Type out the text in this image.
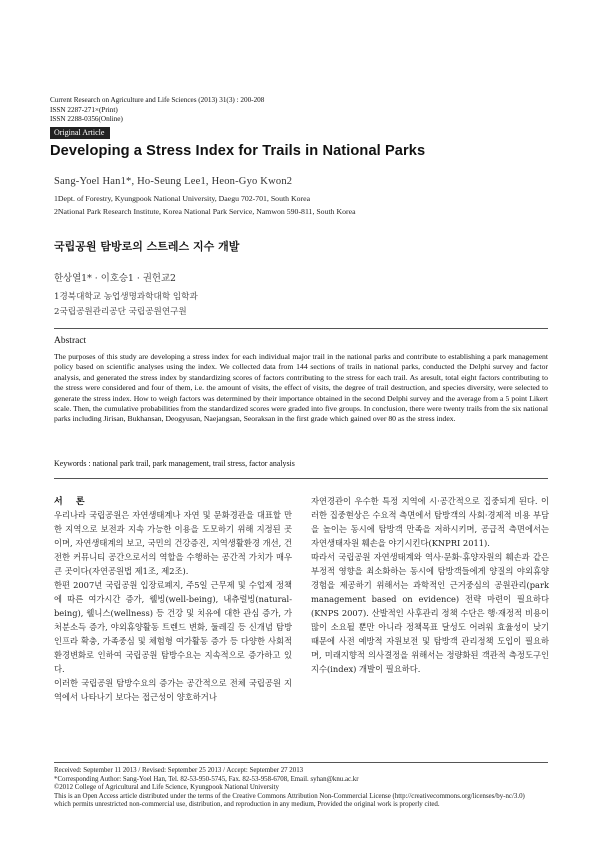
Current Research on Agriculture and Life Sciences (2013) 31(3) : 200-208
ISSN 2287-271×(Print)
ISSN 2288-0356(Online)
Original Article
Developing a Stress Index for Trails in National Parks
Sang-Yoel Han1*, Ho-Seung Lee1, Heon-Gyo Kwon2
1Dept. of Forestry, Kyungpook National University, Daegu 702-701, South Korea
2National Park Research Institute, Korea National Park Service, Namwon 590-811, South Korea
국립공원 탐방로의 스트레스 지수 개발
한상열1* · 이호승1 · 권헌교2
1경북대학교 농업생명과학대학 임학과
2국립공원관리공단 국립공원연구원
Abstract
The purposes of this study are developing a stress index for each individual major trail in the national parks and contribute to establishing a park management policy based on scientific analyses using the index. We collected data from 144 sections of trails in national parks, conducted the Delphi survey and factor analysis, and generated the stress index by standardizing scores of factors contributing to the stress for each trail. As aresult, total eight factors contributing to the stress were considered and four of them, i.e. the amount of visits, the effect of visits, the degree of trail destruction, and species diversity, were selected to generate the stress index. How to weigh factors was determined by their importance obtained in the second Delphi survey and the average from a 5 point Likert scale. Then, the cumulative probabilities from the standardized scores were graded into five groups. In conclusion, there were twenty trails from the six national parks including Jirisan, Bukhansan, Deogyusan, Naejangsan, Seoraksan in the first grade which gained over 80 as the stress index.
Keywords : national park trail, park management, trail stress, factor analysis
서 론

우리나라 국립공원은 자연생태계나 자연 및 문화경관을 대표할 만한 지역으로 보전과 지속 가능한 이용을 도모하기 위해 지정된 곳이며, 자연생태계의 보고, 국민의 건강증진, 지역생활환경 개선, 건전한 커뮤니티 공간으로서의 역할을 수행하는 공간적 가치가 매우 큰 곳이다(자연공원법 제1조, 제2조).

한편 2007년 국립공원 입장료폐지, 주5일 근무제 및 수업제 정책에 따른 여가시간 증가, 웰빙(well-being), 내츄럴빙(natural-being), 웰니스(wellness) 등 건강 및 치유에 대한 관심 증가, 가처분소득 증가, 야외휴양활동 트렌드 변화, 둘레길 등 신개념 탐방인프라 확충, 가족중심 및 체험형 여가활동 증가 등 다양한 사회적 환경변화로 인하여 국립공원 탐방수요는 지속적으로 증가하고 있다.

이러한 국립공원 탐방수요의 증가는 공간적으로 전체 국립공원 지역에서 나타나기 보다는 접근성이 양호하거나

자연경관이 우수한 특정 지역에 시·공간적으로 집중되게 된다. 이러한 집중현상은 수요적 측면에서 탐방객의 사회·경제적 비용 부담을 높이는 동시에 탐방객 만족을 저하시키며, 공급적 측면에서는 자연생태자원 훼손을 야기시킨다(KNPRI 2011).

따라서 국립공원 자연생태계와 역사·문화·휴양자원의 훼손과 같은 부정적 영향을 최소화하는 동시에 탐방객들에게 양질의 야외휴양경험을 제공하기 위해서는 과학적인 근거중심의 공원관리(park management based on evidence) 전략 마련이 필요하다(KNPS 2007). 산발적인 사후관리 정책 수단은 행·재정적 비용이 많이 소요될 뿐만 아니라 정책목표 달성도 어려워 효율성이 낮기 때문에 사전 예방적 자원보전 및 탐방객 관리정책 도입이 필요하며, 미래지향적 의사결정을 위해서는 정량화된 객관적 측정도구인 지수(index) 개발이 필요하다.

Received: September 11 2013 / Revised: September 25 2013 / Accept: September 27 2013
*Corresponding Author: Sang-Yoel Han, Tel. 82-53-950-5745, Fax. 82-53-958-6708, Email. syhan@knu.ac.kr
©2012 College of Agricultural and Life Science, Kyungpook National University
This is an Open Access article distributed under the terms of the Creative Commons Attribution Non-Commercial License (http://creativecommons.org/licenses/by-nc/3.0)
which permits unrestricted non-commercial use, distribution, and reproduction in any medium, Provided the original work is properly cited.
